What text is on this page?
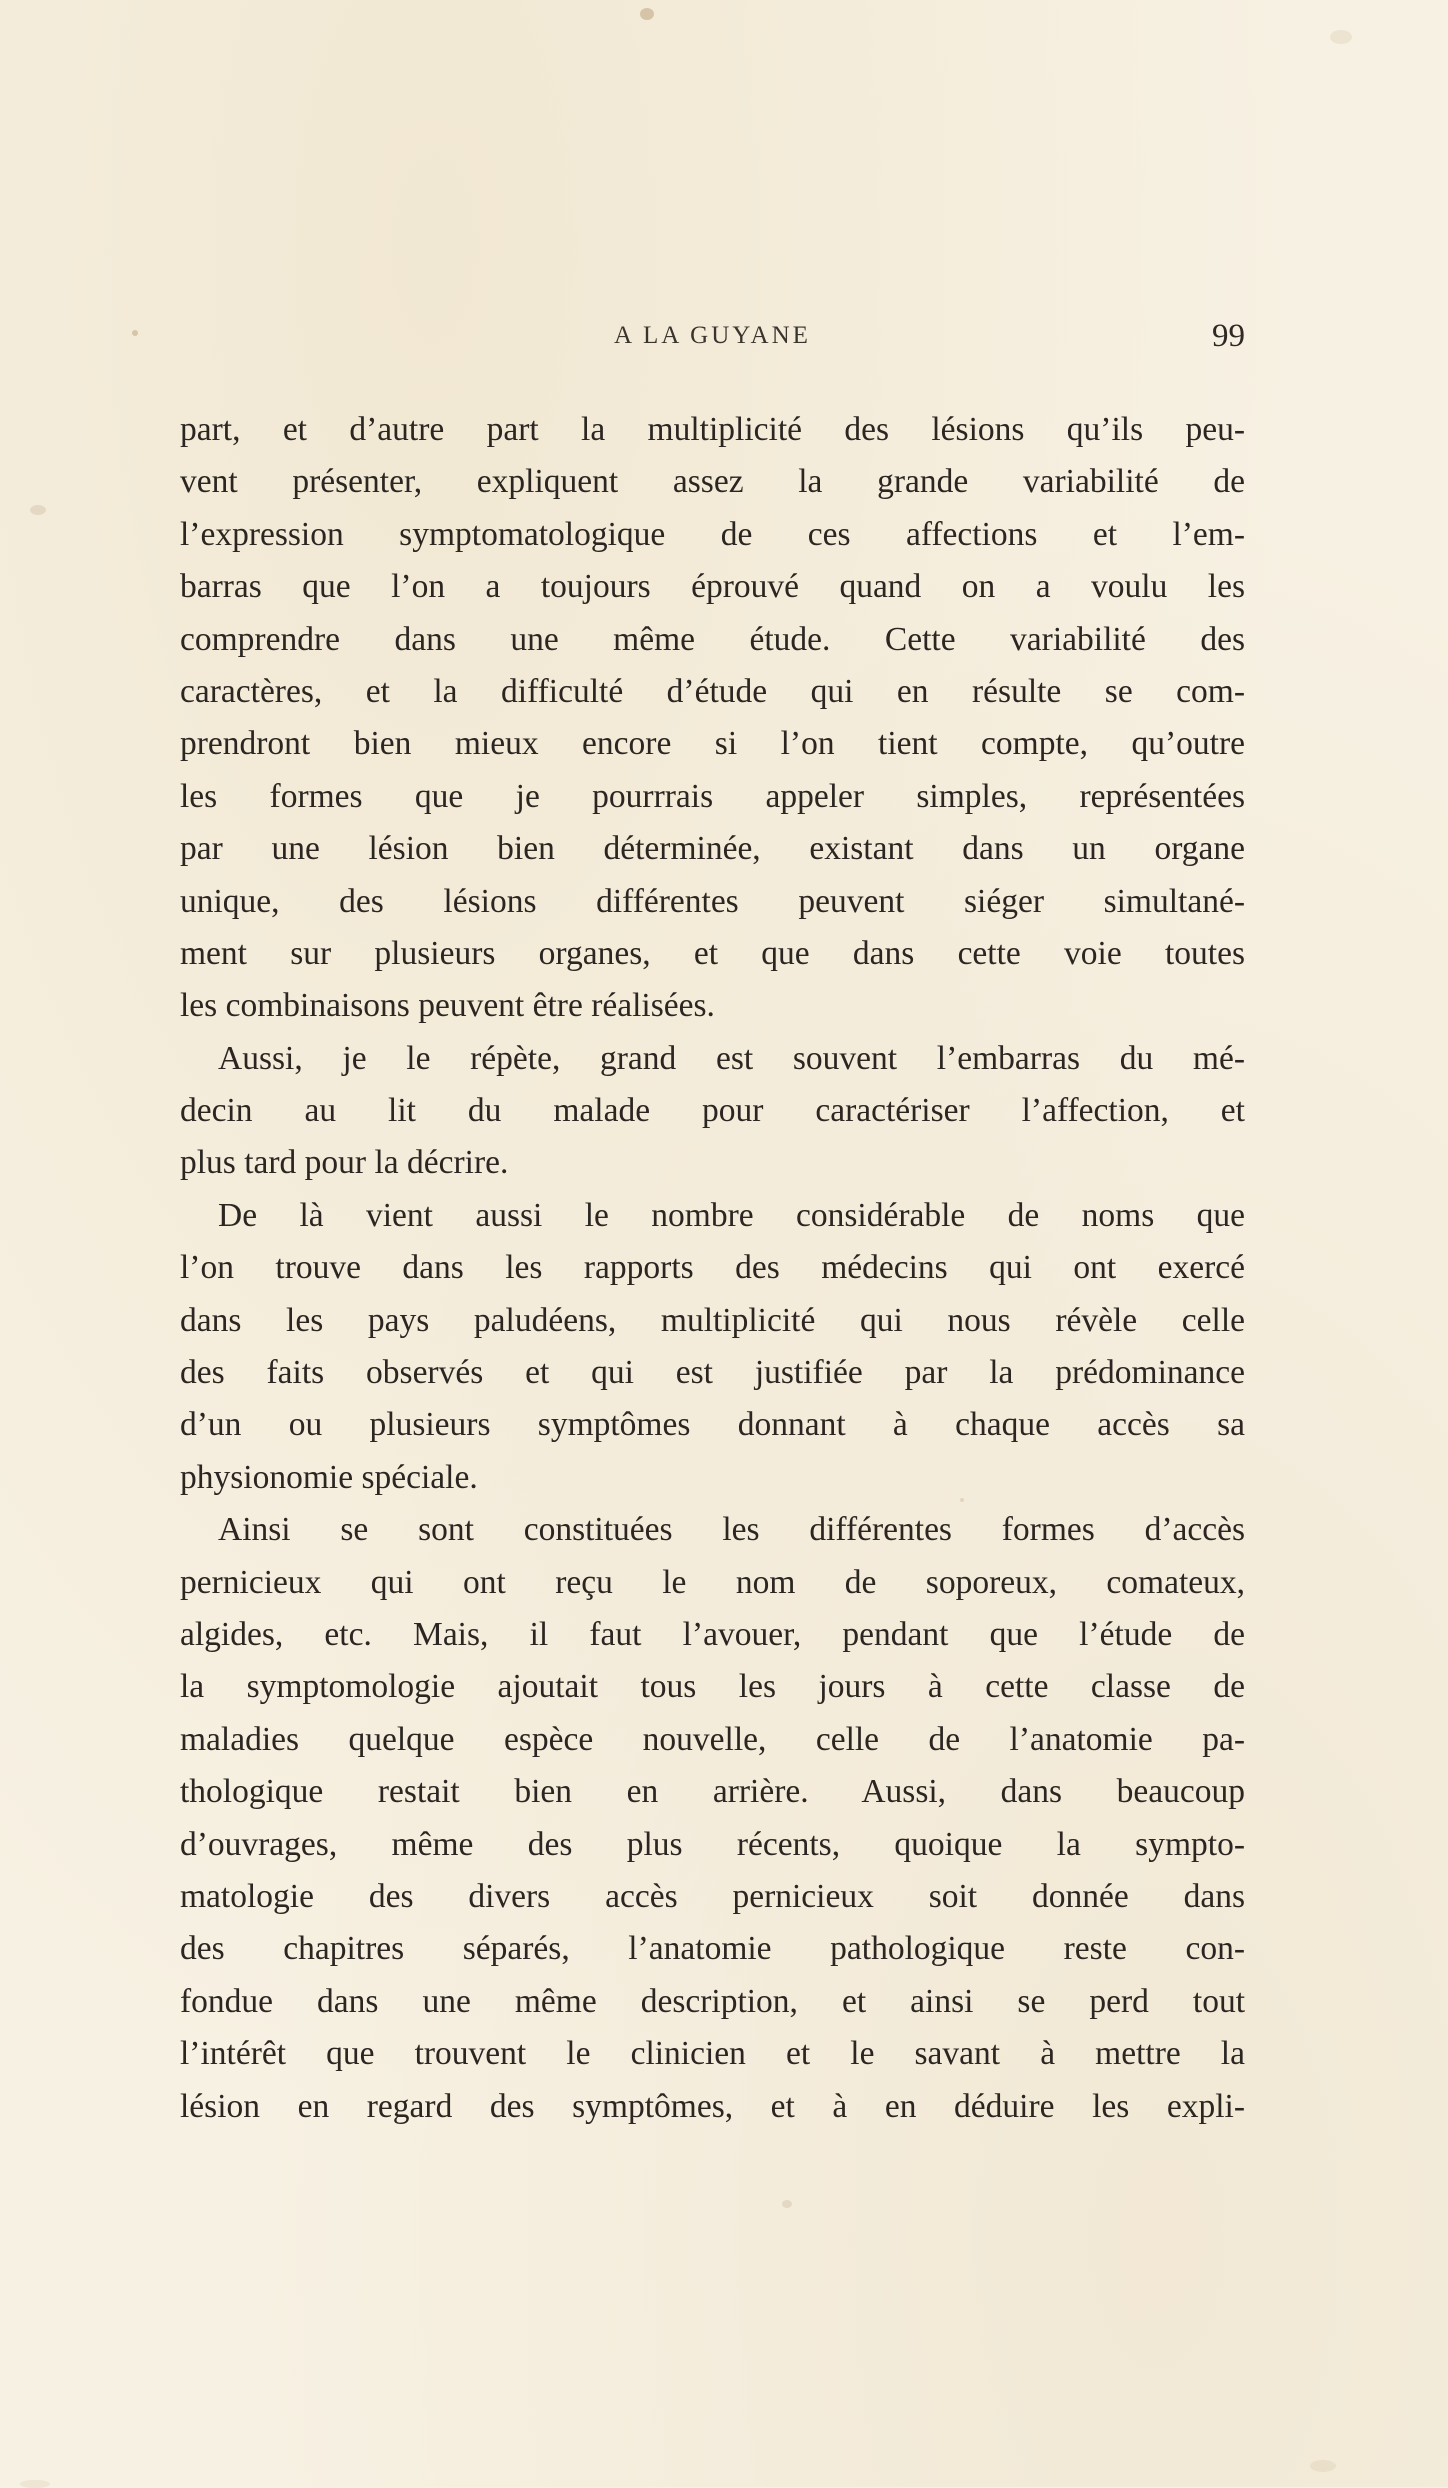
A LA GUYANE	99
part, et d’autre part la multiplicité des lésions qu’ils peu-
vent présenter, expliquent assez la grande variabilité de
l’expression symptomatologique de ces affections et l’em-
barras que l’on a toujours éprouvé quand on a voulu les
comprendre dans une même étude. Cette variabilité des
caractères, et la difficulté d’étude qui en résulte se com-
prendront bien mieux encore si l’on tient compte, qu’outre
les formes que je pourrrais appeler simples, représentées
par une lésion bien déterminée, existant dans un organe
unique, des lésions différentes peuvent siéger simultané-
ment sur plusieurs organes, et que dans cette voie toutes
les combinaisons peuvent être réalisées.
Aussi, je le répète, grand est souvent l’embarras du mé-
decin au lit du malade pour caractériser l’affection, et
plus tard pour la décrire.
De là vient aussi le nombre considérable de noms que
l’on trouve dans les rapports des médecins qui ont exercé
dans les pays paludéens, multiplicité qui nous révèle celle
des faits observés et qui est justifiée par la prédominance
d’un ou plusieurs symptômes donnant à chaque accès sa
physionomie spéciale.
Ainsi se sont constituées les différentes formes d’accès
pernicieux qui ont reçu le nom de soporeux, comateux,
algides, etc. Mais, il faut l’avouer, pendant que l’étude de
la symptomologie ajoutait tous les jours à cette classe de
maladies quelque espèce nouvelle, celle de l’anatomie pa-
thologique restait bien en arrière. Aussi, dans beaucoup
d’ouvrages, même des plus récents, quoique la sympto-
matologie des divers accès pernicieux soit donnée dans
des chapitres séparés, l’anatomie pathologique reste con-
fondue dans une même description, et ainsi se perd tout
l’intérêt que trouvent le clinicien et le savant à mettre la
lésion en regard des symptômes, et à en déduire les expli-
